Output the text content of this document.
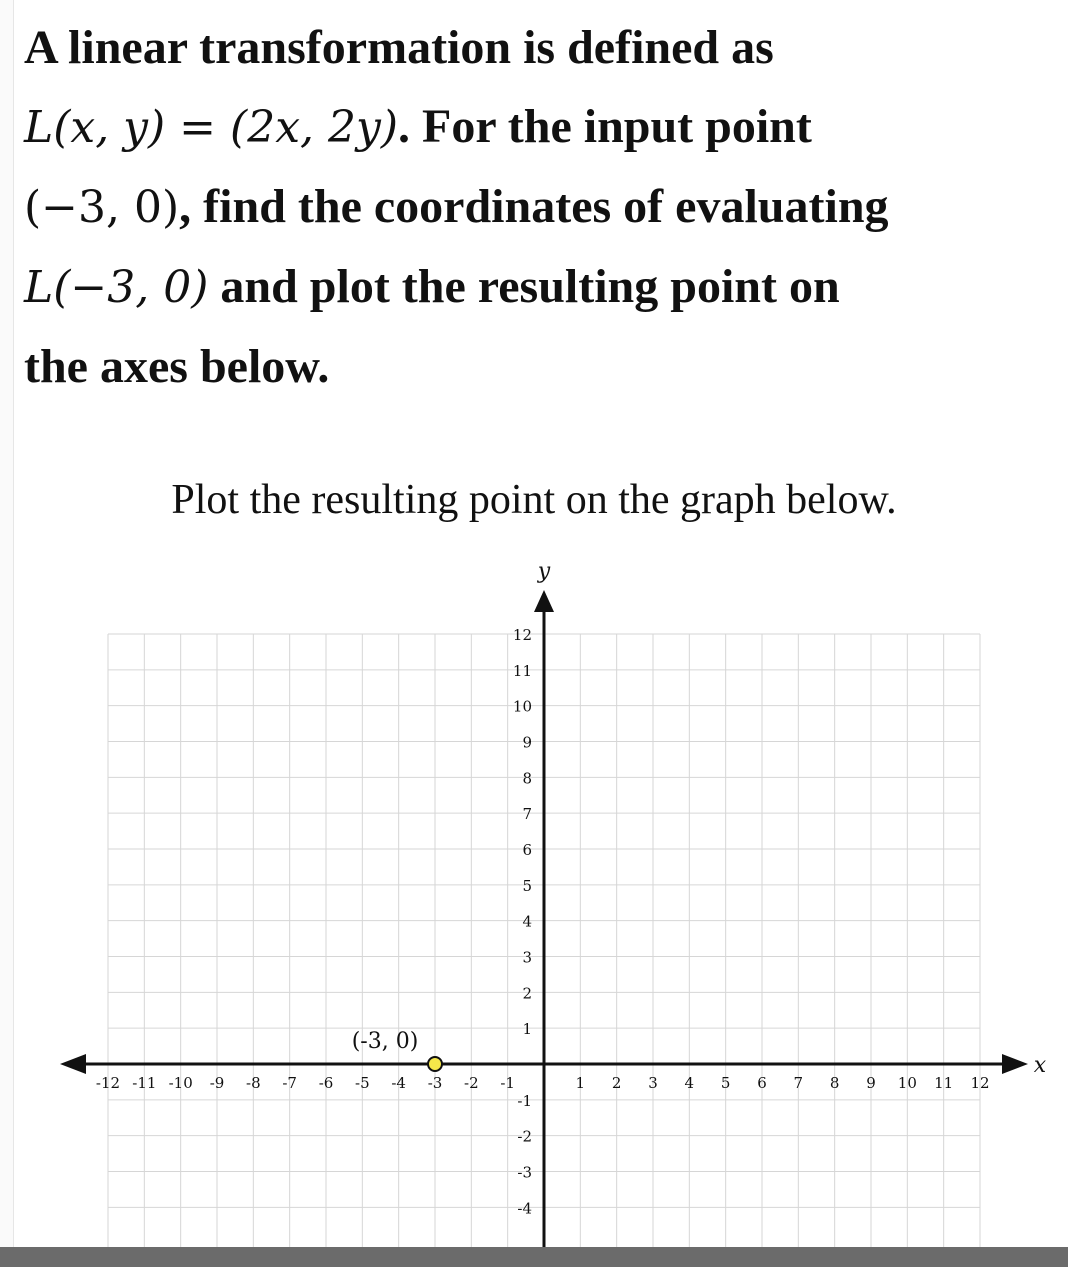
A linear transformation is defined as
L(x, y) = (2x, 2y). For the input point
(−3, 0), find the coordinates of evaluating
L(−3, 0) and plot the resulting point on
the axes below.
Plot the resulting point on the graph below.
x
y
-12 -11 -10 -9 -8 -7 -6 -5 -4 -3 -2 -1	1 2 3 4 5 6 7 8 9 10 11 12
12
11
10
9
8
7
6
5
4
3
2
1
-1
-2
-3
-4
(-3, 0)
